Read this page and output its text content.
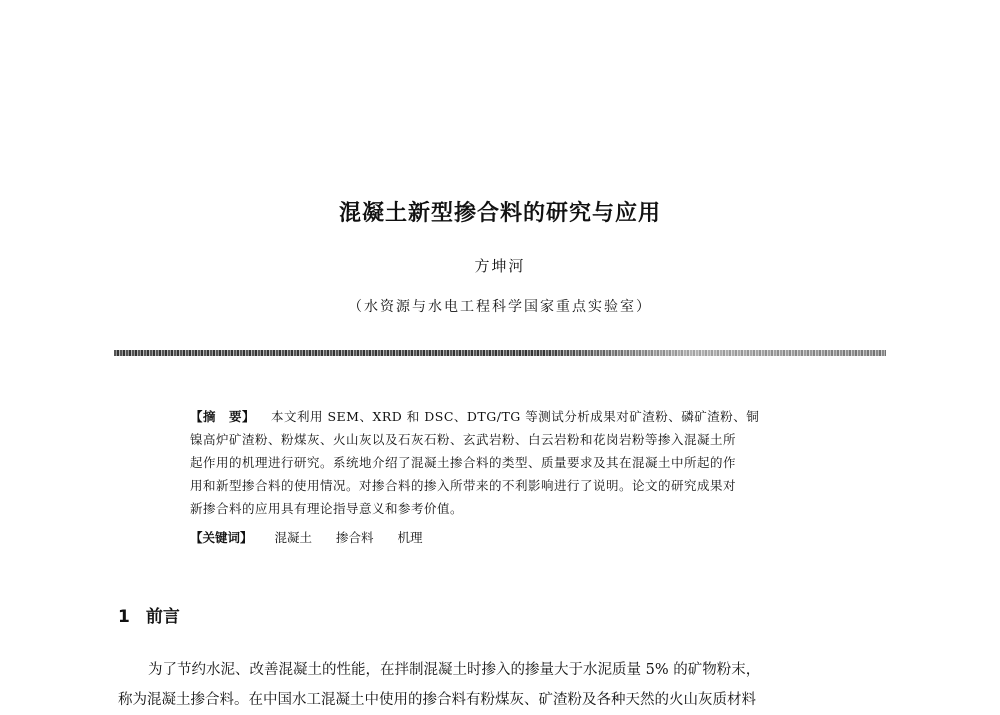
混凝土新型掺合料的研究与应用
方坤河
（水资源与水电工程科学国家重点实验室）
【摘　要】 本文利用 SEM、XRD 和 DSC、DTG/TG 等测试分析成果对矿渣粉、磷矿渣粉、铜
镍高炉矿渣粉、粉煤灰、火山灰以及石灰石粉、玄武岩粉、白云岩粉和花岗岩粉等掺入混凝土所
起作用的机理进行研究。系统地介绍了混凝土掺合料的类型、质量要求及其在混凝土中所起的作
用和新型掺合料的使用情况。对掺合料的掺入所带来的不利影响进行了说明。论文的研究成果对
新掺合料的应用具有理论指导意义和参考价值。
【关键词】 混凝土 掺合料 机理
1 前言
为了节约水泥、改善混凝土的性能，在拌制混凝土时掺入的掺量大于水泥质量 5% 的矿物粉末，
称为混凝土掺合料。在中国水工混凝土中使用的掺合料有粉煤灰、矿渣粉及各种天然的火山灰质材料
